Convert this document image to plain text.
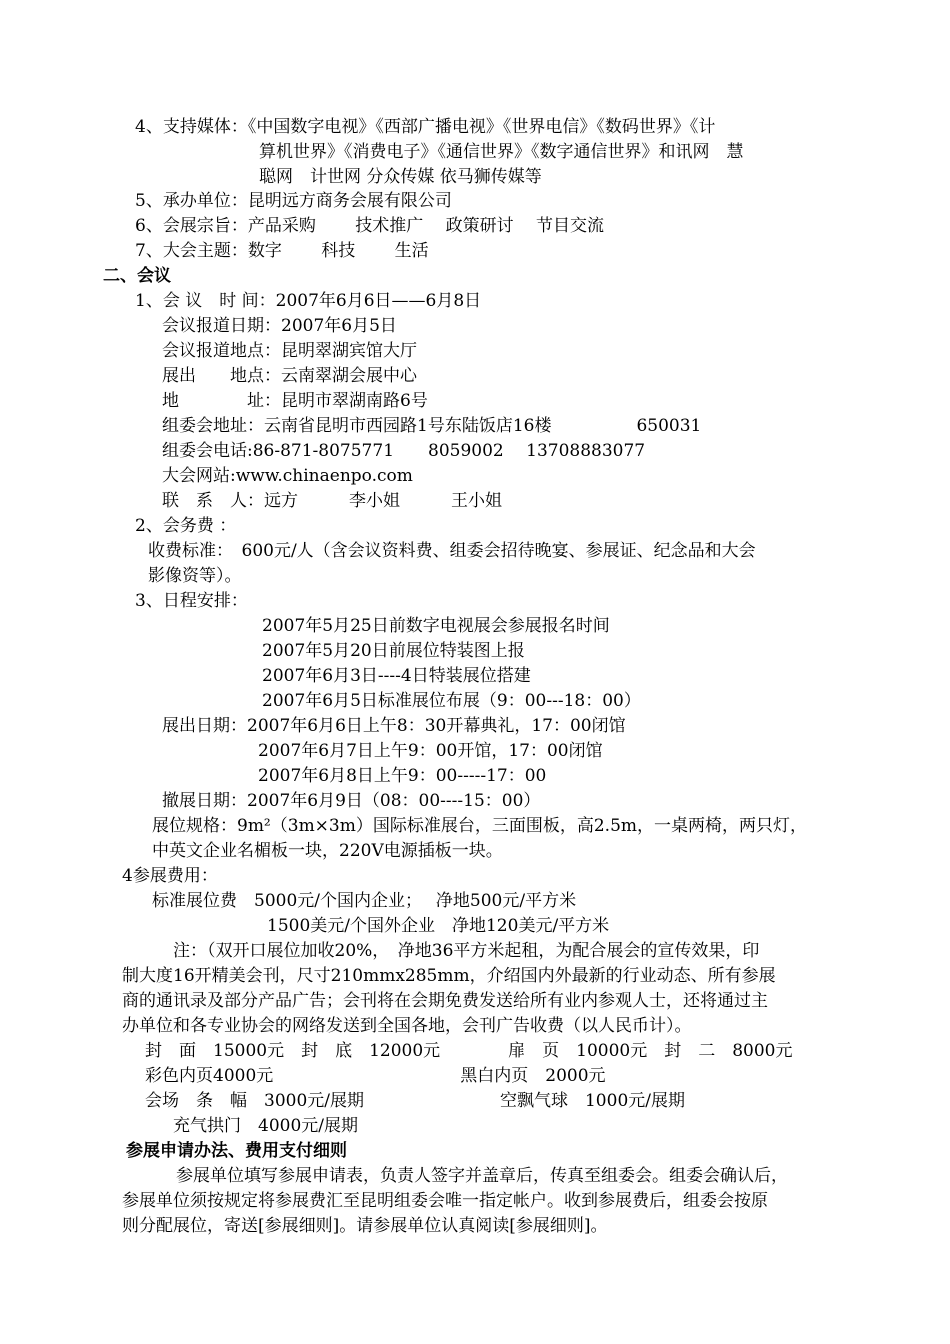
4、支持媒体：《中国数字电视》《西部广播电视》《世界电信》《数码世界》《计
算机世界》《消费电子》《通信世界》《数字通信世界》和讯网　慧
聪网　计世网 分众传媒 依马狮传媒等
5、承办单位：昆明远方商务会展有限公司
6、会展宗旨：产品采购　　 技术推广　 政策研讨　 节目交流
7、大会主题：数字　　 科技　　 生活
二、会议
1、会 议　时 间：2007年6月6日——6月8日
会议报道日期：2007年6月5日
会议报道地点：昆明翠湖宾馆大厅
展出　　地点：云南翠湖会展中心
地　　　　址：昆明市翠湖南路6号
组委会地址：云南省昆明市西园路1号东陆饭店16楼　　　　　650031
组委会电话:86-871-8075771　　8059002　 13708883077
大会网站:www.chinaenpo.com
联　系　人：远方　　　李小姐　　　王小姐
2、会务费 ：
收费标准：　600元/人（含会议资料费、组委会招待晚宴、参展证、纪念品和大会
影像资等）。
3、日程安排：
2007年5月25日前数字电视展会参展报名时间
2007年5月20日前展位特装图上报
2007年6月3日----4日特装展位搭建
2007年6月5日标准展位布展（9：00---18：00）
展出日期：2007年6月6日上午8：30开幕典礼，17：00闭馆
2007年6月7日上午9：00开馆，17：00闭馆
2007年6月8日上午9：00-----17：00
撤展日期：2007年6月9日（08：00----15：00）
展位规格：9m²（3m×3m）国际标准展台，三面围板，高2.5m，一桌两椅，两只灯，
中英文企业名楣板一块，220V电源插板一块。
4参展费用：
标准展位费　5000元/个国内企业；　 净地500元/平方米
1500美元/个国外企业　净地120美元/平方米
注：（双开口展位加收20%，　净地36平方米起租，为配合展会的宣传效果，印
制大度16开精美会刊，尺寸210mmx285mm，介绍国内外最新的行业动态、所有参展
商的通讯录及部分产品广告；会刊将在会期免费发送给所有业内参观人士，还将通过主
办单位和各专业协会的网络发送到全国各地，会刊广告收费（以人民币计）。
封　面　15000元　封　底　12000元　　　　扉　页　10000元　封　二　8000元
彩色内页4000元　　　　　　　　　　　黑白内页　2000元
会场　条　幅　3000元/展期　　　　　　　　空飘气球　1000元/展期
充气拱门　4000元/展期
参展申请办法、费用支付细则
参展单位填写参展申请表，负责人签字并盖章后，传真至组委会。组委会确认后，
参展单位须按规定将参展费汇至昆明组委会唯一指定帐户。收到参展费后，组委会按原
则分配展位，寄送[参展细则]。请参展单位认真阅读[参展细则]。
